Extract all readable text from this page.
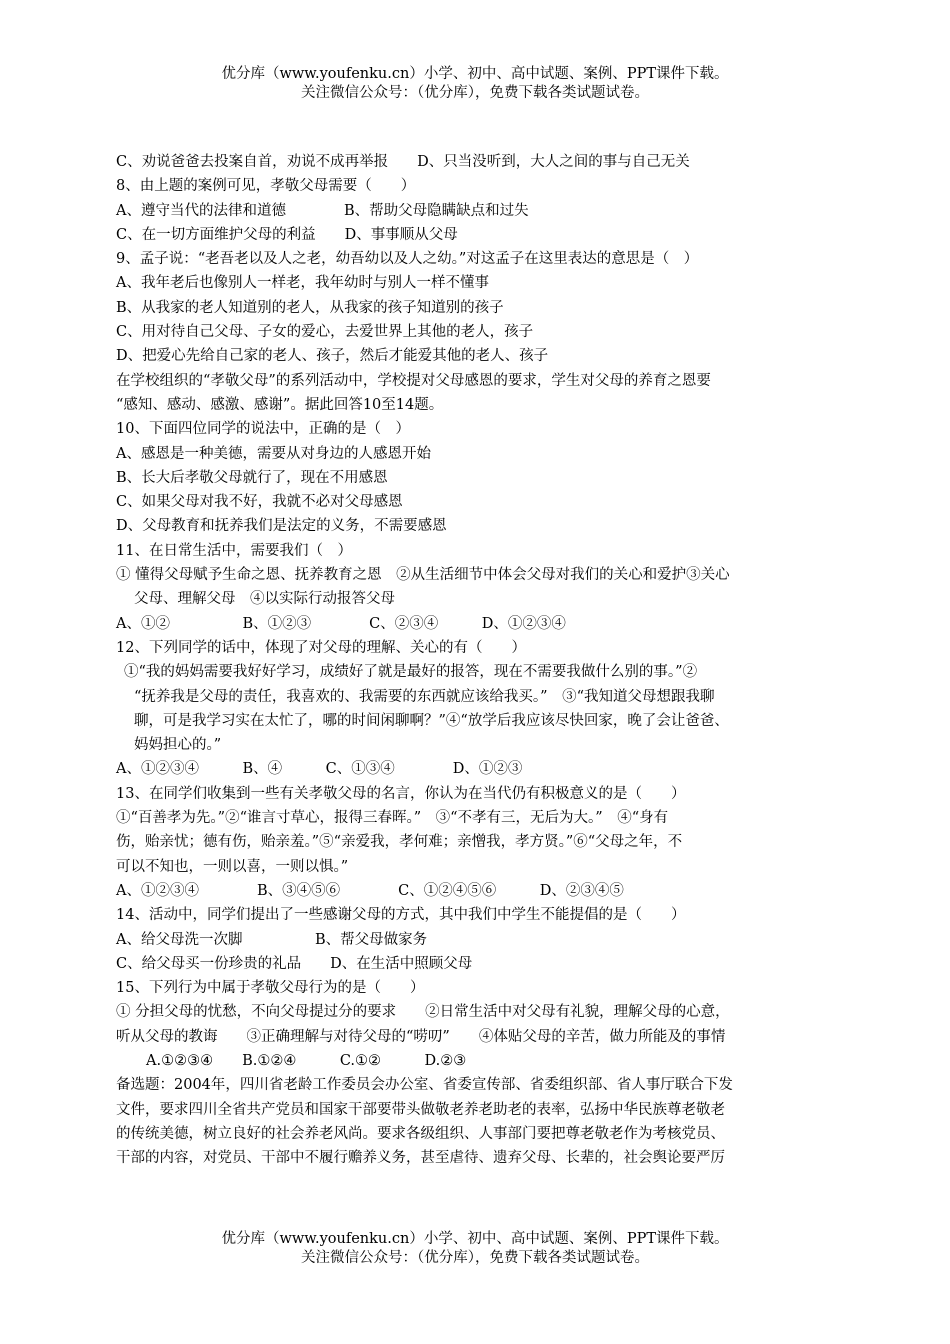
优分库（www.youfenku.cn）小学、初中、高中试题、案例、PPT课件下载。
关注微信公众号：（优分库），免费下载各类试题试卷。
C、劝说爸爸去投案自首，劝说不成再举报　　D、只当没听到，大人之间的事与自己无关
8、由上题的案例可见，孝敬父母需要（　　）
A、遵守当代的法律和道德　　　　B、帮助父母隐瞒缺点和过失
C、在一切方面维护父母的利益　　D、事事顺从父母
9、孟子说：“老吾老以及人之老，幼吾幼以及人之幼。”对这孟子在这里表达的意思是（　）
A、我年老后也像别人一样老，我年幼时与别人一样不懂事
B、从我家的老人知道别的老人，从我家的孩子知道别的孩子
C、用对待自己父母、子女的爱心，去爱世界上其他的老人，孩子
D、把爱心先给自己家的老人、孩子，然后才能爱其他的老人、孩子
在学校组织的“孝敬父母”的系列活动中，学校提对父母感恩的要求，学生对父母的养育之恩要
“感知、感动、感激、感谢”。据此回答10至14题。
10、下面四位同学的说法中，正确的是（　）
A、感恩是一种美德，需要从对身边的人感恩开始
B、长大后孝敬父母就行了，现在不用感恩
C、如果父母对我不好，我就不必对父母感恩
D、父母教育和抚养我们是法定的义务，不需要感恩
11、在日常生活中，需要我们（　）
① 懂得父母赋予生命之恩、抚养教育之恩　②从生活细节中体会父母对我们的关心和爱护③关心
父母、理解父母　④以实际行动报答父母
A、①②　　　　　B、①②③　　　　C、②③④　　　D、①②③④
12、下列同学的话中，体现了对父母的理解、关心的有（　　）
①“我的妈妈需要我好好学习，成绩好了就是最好的报答，现在不需要我做什么别的事。”②
“抚养我是父母的责任，我喜欢的、我需要的东西就应该给我买。”　③“我知道父母想跟我聊
聊，可是我学习实在太忙了，哪的时间闲聊啊？”④“放学后我应该尽快回家，晚了会让爸爸、
妈妈担心的。”
A、①②③④　　　B、④　　　C、①③④　　　　D、①②③
13、在同学们收集到一些有关孝敬父母的名言，你认为在当代仍有积极意义的是（　　）
①“百善孝为先。”②“谁言寸草心，报得三春晖。”　③“不孝有三，无后为大。”　④“身有
伤，贻亲忧；德有伤，贻亲羞。”⑤“亲爱我，孝何难；亲憎我，孝方贤。”⑥“父母之年，不
可以不知也，一则以喜，一则以惧。”
A、①②③④　　　　B、③④⑤⑥　　　　C、①②④⑤⑥　　　D、②③④⑤
14、活动中，同学们提出了一些感谢父母的方式，其中我们中学生不能提倡的是（　　）
A、给父母洗一次脚　　　　　B、帮父母做家务
C、给父母买一份珍贵的礼品　　D、在生活中照顾父母
15、下列行为中属于孝敬父母行为的是（　　）
① 分担父母的忧愁，不向父母提过分的要求　　②日常生活中对父母有礼貌，理解父母的心意，
听从父母的教诲　　③正确理解与对待父母的“唠叨”　　④体贴父母的辛苦，做力所能及的事情
A.①②③④　　B.①②④　　　C.①②　　　D.②③
备选题：2004年，四川省老龄工作委员会办公室、省委宣传部、省委组织部、省人事厅联合下发
文件，要求四川全省共产党员和国家干部要带头做敬老养老助老的表率，弘扬中华民族尊老敬老
的传统美德，树立良好的社会养老风尚。要求各级组织、人事部门要把尊老敬老作为考核党员、
干部的内容，对党员、干部中不履行赡养义务，甚至虐待、遗弃父母、长辈的，社会舆论要严厉
优分库（www.youfenku.cn）小学、初中、高中试题、案例、PPT课件下载。
关注微信公众号：（优分库），免费下载各类试题试卷。
